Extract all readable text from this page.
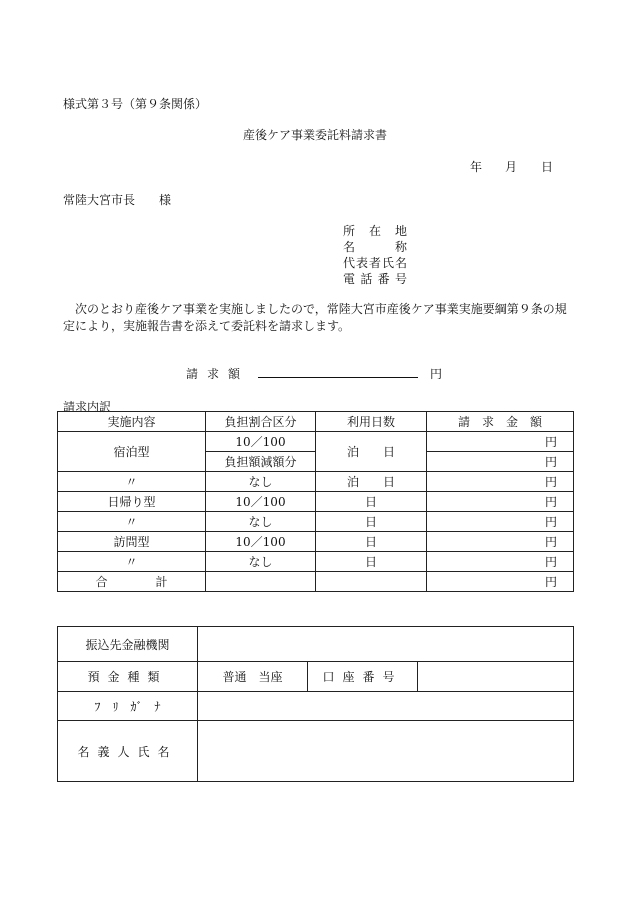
様式第３号（第９条関係）
産後ケア事業委託料請求書
年 月 日
常陸大宮市長　　様
所在地
名称
代表者氏名
電話番号
次のとおり産後ケア事業を実施しましたので，常陸大宮市産後ケア事業実施要綱第９条の規定により，実施報告書を添えて委託料を請求します。
請求額	円
請求内訳
実施内容	負担割合区分	利用日数	請　求　金　額
宿泊型	10／100	泊　　日	円
	負担額減額分		円
〃	なし	泊　　日	円
日帰り型	10／100	日	円
〃	なし	日	円
訪問型	10／100	日	円
〃	なし	日	円
合　　　　計			円
振込先金融機関			
預金種類	普通　当座	口座番号	
ﾌ　ﾘ　ｶﾞ　ﾅ			
名義人氏名			
